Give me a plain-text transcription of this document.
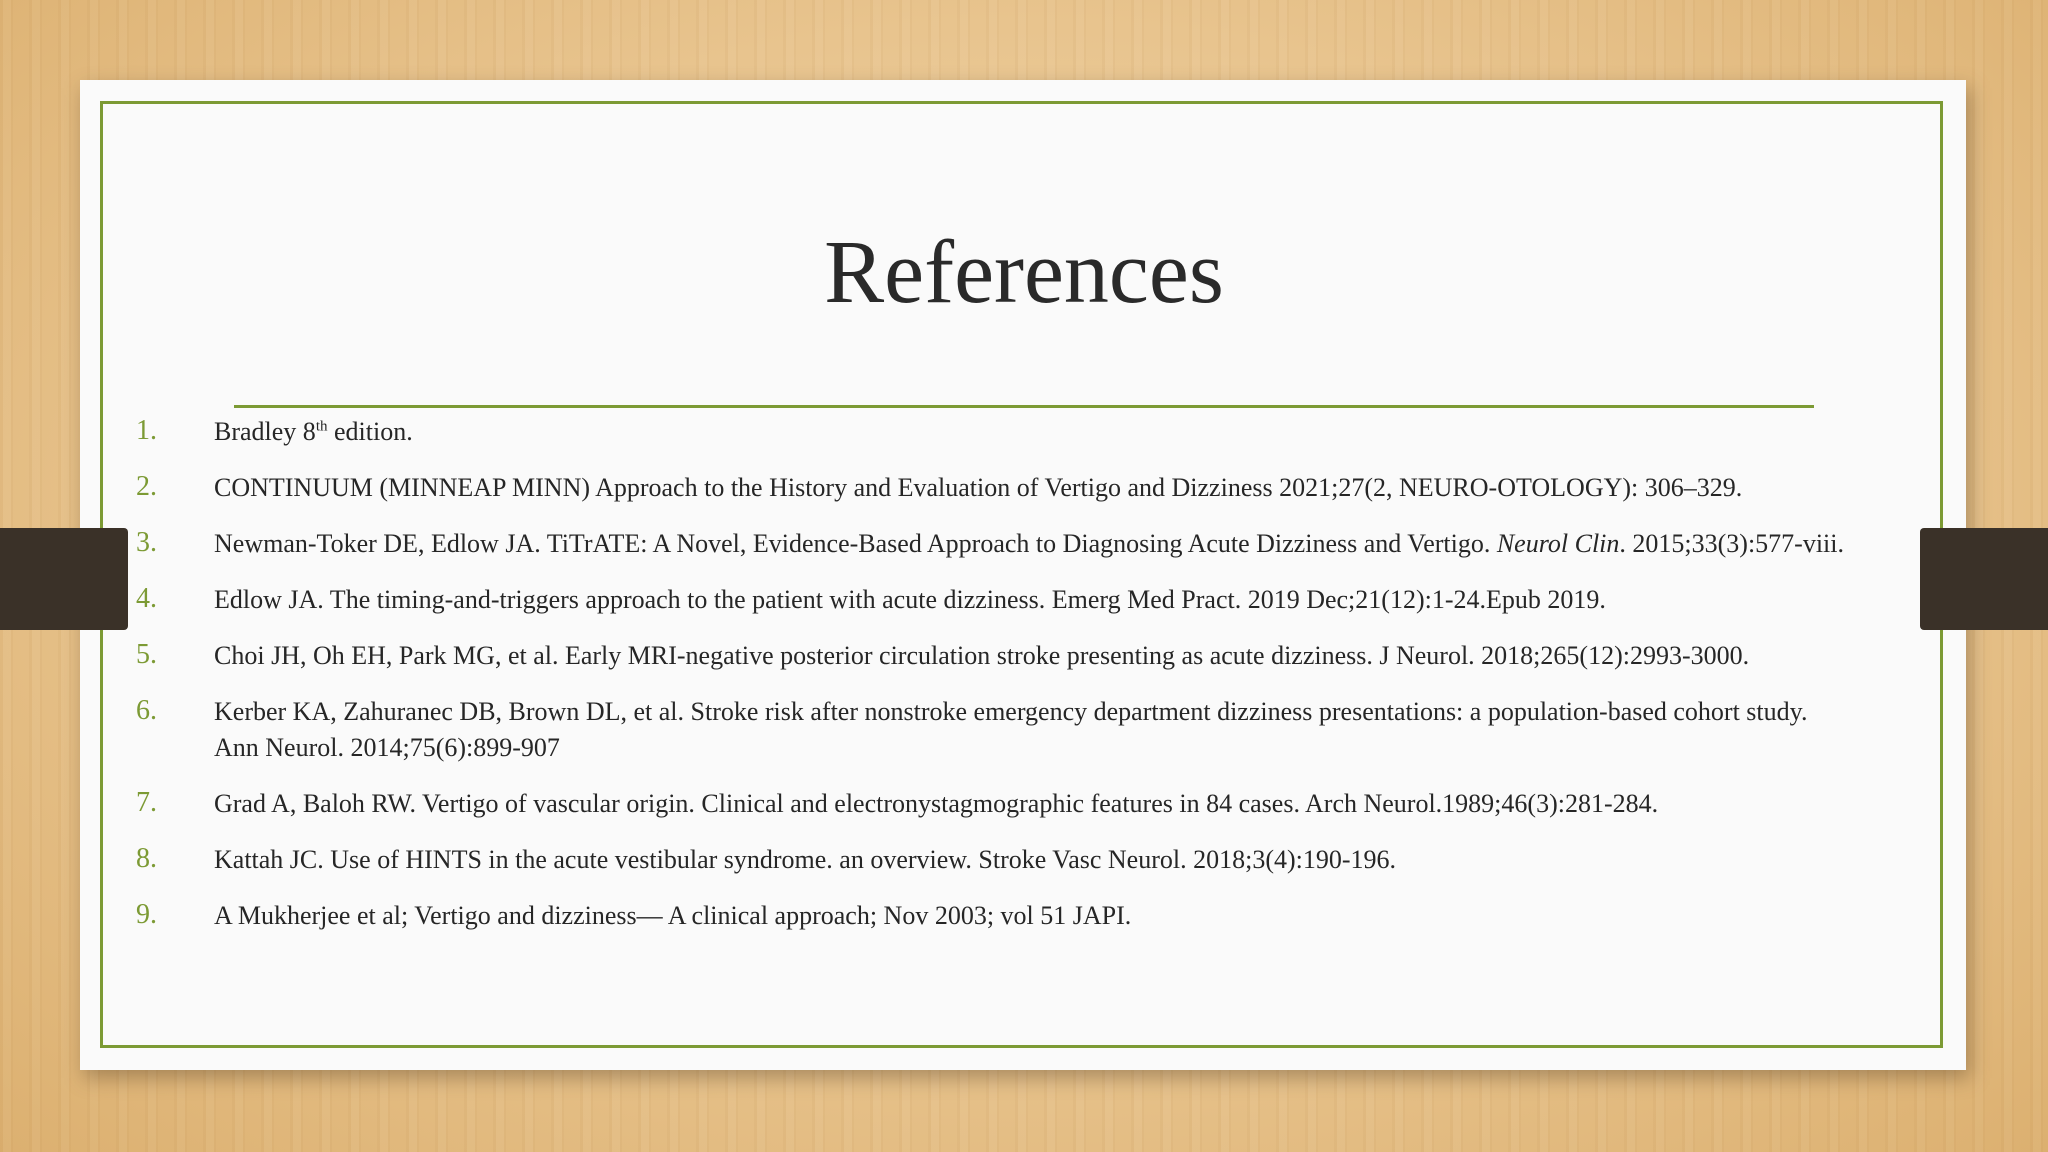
References
1. Bradley 8th edition.
2. CONTINUUM (MINNEAP MINN) Approach to the History and Evaluation of Vertigo and Dizziness 2021;27(2, NEURO-OTOLOGY): 306–329.
3. Newman-Toker DE, Edlow JA. TiTrATE: A Novel, Evidence-Based Approach to Diagnosing Acute Dizziness and Vertigo. Neurol Clin. 2015;33(3):577-viii.
4. Edlow JA. The timing-and-triggers approach to the patient with acute dizziness. Emerg Med Pract. 2019 Dec;21(12):1-24.Epub 2019.
5. Choi JH, Oh EH, Park MG, et al. Early MRI-negative posterior circulation stroke presenting as acute dizziness. J Neurol. 2018;265(12):2993-3000.
6. Kerber KA, Zahuranec DB, Brown DL, et al. Stroke risk after nonstroke emergency department dizziness presentations: a population-based cohort study. Ann Neurol. 2014;75(6):899-907
7. Grad A, Baloh RW. Vertigo of vascular origin. Clinical and electronystagmographic features in 84 cases. Arch Neurol.1989;46(3):281-284.
8. Kattah JC. Use of HINTS in the acute vestibular syndrome. an overview. Stroke Vasc Neurol. 2018;3(4):190-196.
9. A Mukherjee et al; Vertigo and dizziness— A clinical approach; Nov 2003; vol 51 JAPI.
